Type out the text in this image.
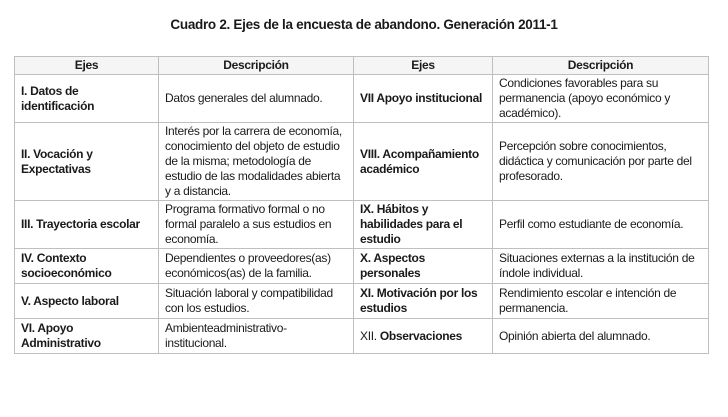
Cuadro 2. Ejes de la encuesta de abandono. Generación 2011-1
Ejes	Descripción	Ejes	Descripción
I. Datos de identificación	Datos generales del alumnado.	VII Apoyo institucional	Condiciones favorables para su permanencia (apoyo económico y académico).
II. Vocación y Expectativas	Interés por la carrera de economía, conocimiento del objeto de estudio de la misma; metodología de estudio de las modalidades abierta y a distancia.	VIII. Acompañamiento académico	Percepción sobre conocimientos, didáctica y comunicación por parte del profesorado.
III. Trayectoria escolar	Programa formativo formal o no formal paralelo a sus estudios en economía.	IX. Hábitos y habilidades para el estudio	Perfil como estudiante de economía.
IV. Contexto socioeconómico	Dependientes o proveedores(as) económicos(as) de la familia.	X. Aspectos personales	Situaciones externas a la institución de índole individual.
V. Aspecto laboral	Situación laboral y compatibilidad con los estudios.	XI. Motivación por los estudios	Rendimiento escolar e intención de permanencia.
VI. Apoyo Administrativo	Ambienteadministrativo-institucional.	XII. Observaciones	Opinión abierta del alumnado.
